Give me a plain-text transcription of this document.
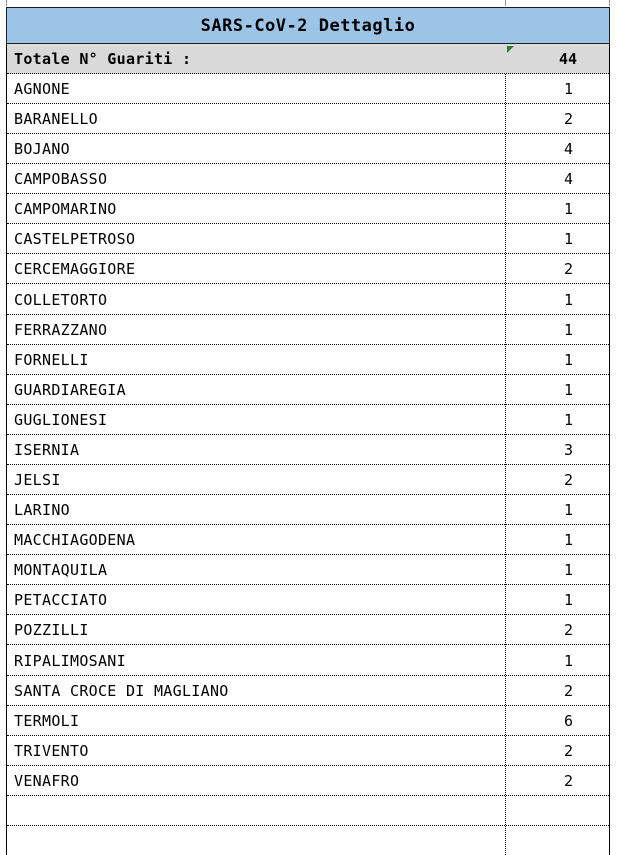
SARS-CoV-2 Dettaglio
Totale N° Guariti :	44
AGNONE	1
BARANELLO	2
BOJANO	4
CAMPOBASSO	4
CAMPOMARINO	1
CASTELPETROSO	1
CERCEMAGGIORE	2
COLLETORTO	1
FERRAZZANO	1
FORNELLI	1
GUARDIAREGIA	1
GUGLIONESI	1
ISERNIA	3
JELSI	2
LARINO	1
MACCHIAGODENA	1
MONTAQUILA	1
PETACCIATO	1
POZZILLI	2
RIPALIMOSANI	1
SANTA CROCE DI MAGLIANO	2
TERMOLI	6
TRIVENTO	2
VENAFRO	2
